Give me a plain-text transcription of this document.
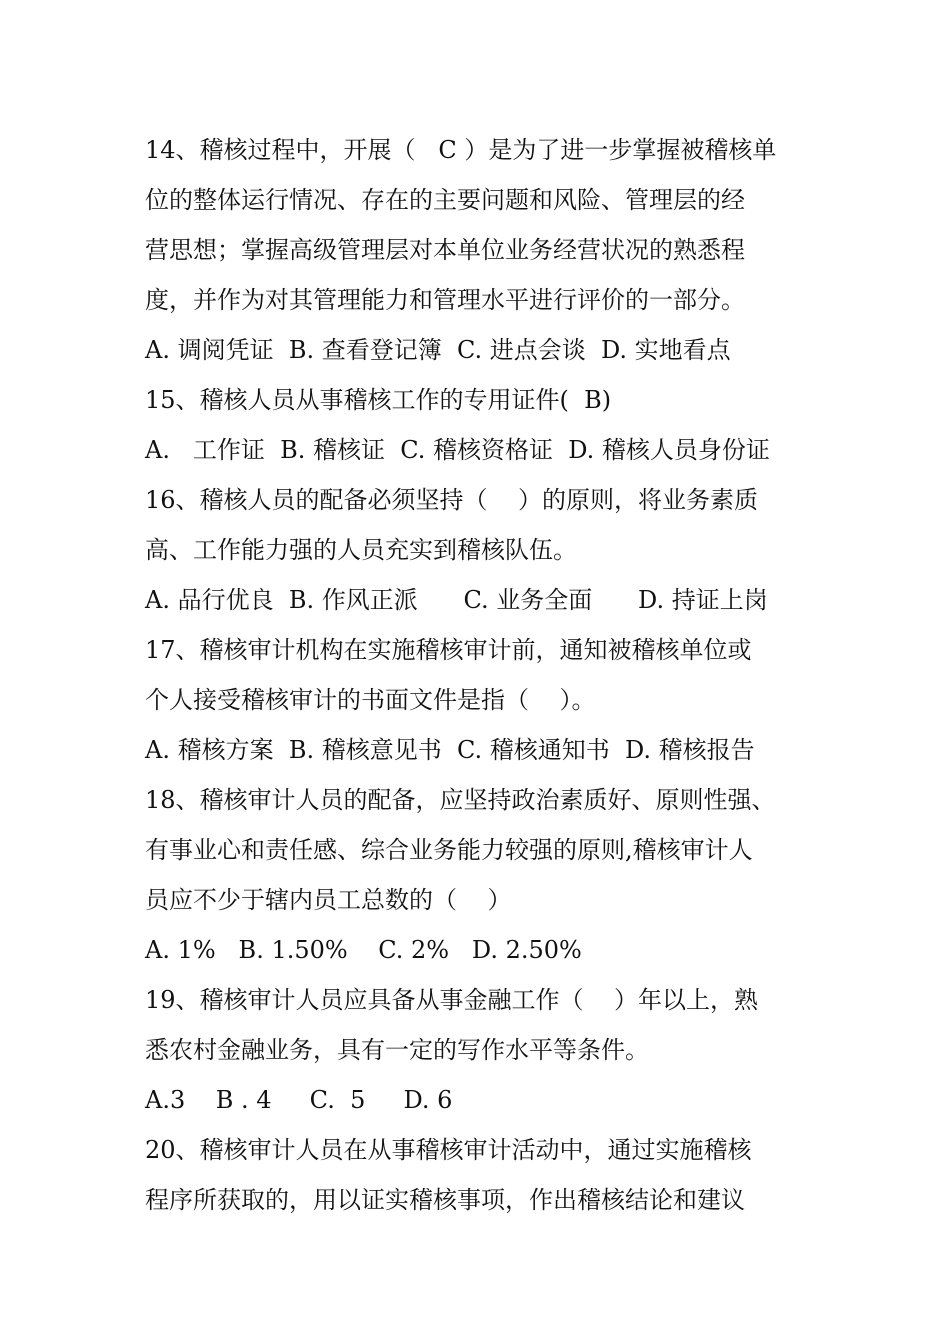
14、稽核过程中，开展（   C ）是为了进一步掌握被稽核单
位的整体运行情况、存在的主要问题和风险、管理层的经
营思想；掌握高级管理层对本单位业务经营状况的熟悉程
度，并作为对其管理能力和管理水平进行评价的一部分。
A. 调阅凭证  B. 查看登记簿  C. 进点会谈  D. 实地看点
15、稽核人员从事稽核工作的专用证件(  B)
A.   工作证  B. 稽核证  C. 稽核资格证  D. 稽核人员身份证
16、稽核人员的配备必须坚持（    ）的原则，将业务素质
高、工作能力强的人员充实到稽核队伍。
A. 品行优良  B. 作风正派      C. 业务全面      D. 持证上岗
17、稽核审计机构在实施稽核审计前，通知被稽核单位或
个人接受稽核审计的书面文件是指（    ）。
A. 稽核方案  B. 稽核意见书  C. 稽核通知书  D. 稽核报告
18、稽核审计人员的配备，应坚持政治素质好、原则性强、
有事业心和责任感、综合业务能力较强的原则,稽核审计人
员应不少于辖内员工总数的（    ）
A. 1%   B. 1.50%    C. 2%   D. 2.50%
19、稽核审计人员应具备从事金融工作（    ）年以上，熟
悉农村金融业务，具有一定的写作水平等条件。
A.3    B . 4     C.  5     D. 6
20、稽核审计人员在从事稽核审计活动中，通过实施稽核
程序所获取的，用以证实稽核事项，作出稽核结论和建议
